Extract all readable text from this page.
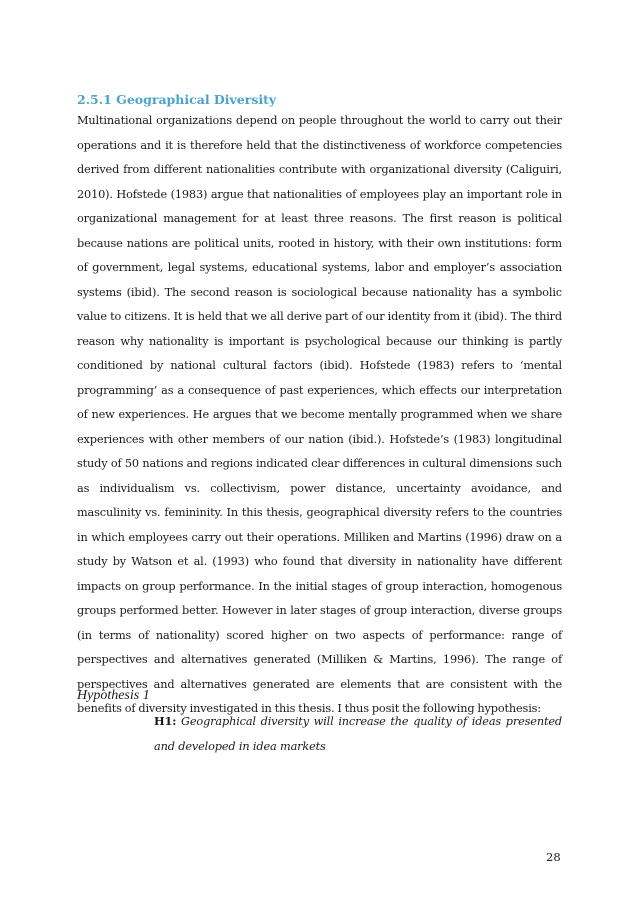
2.5.1 Geographical Diversity

Multinational organizations depend on people throughout the world to carry out their operations and it is therefore held that the distinctiveness of workforce competencies derived from different nationalities contribute with organizational diversity (Caliguiri, 2010). Hofstede (1983) argue that nationalities of employees play an important role in organizational management for at least three reasons. The first reason is political because nations are political units, rooted in history, with their own institutions: form of government, legal systems, educational systems, labor and employer’s association systems (ibid). The second reason is sociological because nationality has a symbolic value to citizens. It is held that we all derive part of our identity from it (ibid). The third reason why nationality is important is psychological because our thinking is partly conditioned by national cultural factors (ibid). Hofstede (1983) refers to ‘mental programming’ as a consequence of past experiences, which effects our interpretation of new experiences. He argues that we become mentally programmed when we share experiences with other members of our nation (ibid.). Hofstede’s (1983) longitudinal study of 50 nations and regions indicated clear differences in cultural dimensions such as individualism vs. collectivism, power distance, uncertainty avoidance, and masculinity vs. femininity. In this thesis, geographical diversity refers to the countries in which employees carry out their operations. Milliken and Martins (1996) draw on a study by Watson et al. (1993) who found that diversity in nationality have different impacts on group performance. In the initial stages of group interaction, homogenous groups performed better. However in later stages of group interaction, diverse groups (in terms of nationality) scored higher on two aspects of performance: range of perspectives and alternatives generated (Milliken & Martins, 1996). The range of perspectives and alternatives generated are elements that are consistent with the benefits of diversity investigated in this thesis. I thus posit the following hypothesis:

Hypothesis 1

H1: Geographical diversity will increase the quality of ideas presented and developed in idea markets

28
